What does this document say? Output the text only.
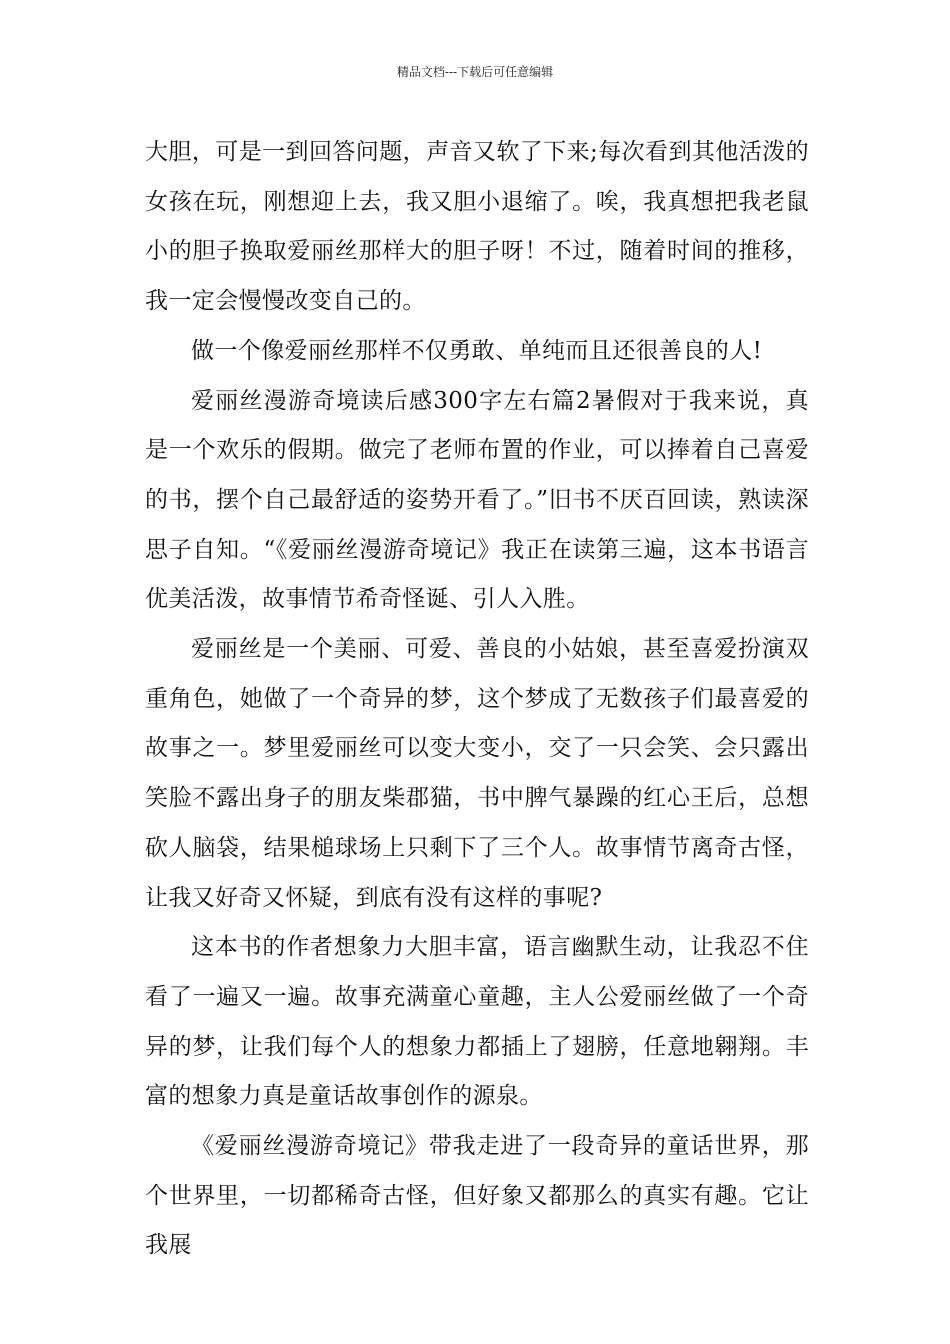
精品文档---下载后可任意编辑

大胆，可是一到回答问题，声音又软了下来;每次看到其他活泼的女孩在玩，刚想迎上去，我又胆小退缩了。唉，我真想把我老鼠小的胆子换取爱丽丝那样大的胆子呀！不过，随着时间的推移，我一定会慢慢改变自己的。

做一个像爱丽丝那样不仅勇敢、单纯而且还很善良的人!

爱丽丝漫游奇境读后感300字左右篇2暑假对于我来说，真是一个欢乐的假期。做完了老师布置的作业，可以捧着自己喜爱的书，摆个自己最舒适的姿势开看了。”旧书不厌百回读，熟读深思子自知。“《爱丽丝漫游奇境记》我正在读第三遍，这本书语言优美活泼，故事情节希奇怪诞、引人入胜。

爱丽丝是一个美丽、可爱、善良的小姑娘，甚至喜爱扮演双重角色，她做了一个奇异的梦，这个梦成了无数孩子们最喜爱的故事之一。梦里爱丽丝可以变大变小，交了一只会笑、会只露出笑脸不露出身子的朋友柴郡猫，书中脾气暴躁的红心王后，总想砍人脑袋，结果槌球场上只剩下了三个人。故事情节离奇古怪，让我又好奇又怀疑，到底有没有这样的事呢?

这本书的作者想象力大胆丰富，语言幽默生动，让我忍不住看了一遍又一遍。故事充满童心童趣，主人公爱丽丝做了一个奇异的梦，让我们每个人的想象力都插上了翅膀，任意地翱翔。丰富的想象力真是童话故事创作的源泉。

《爱丽丝漫游奇境记》带我走进了一段奇异的童话世界，那个世界里，一切都稀奇古怪，但好象又都那么的真实有趣。它让我展
